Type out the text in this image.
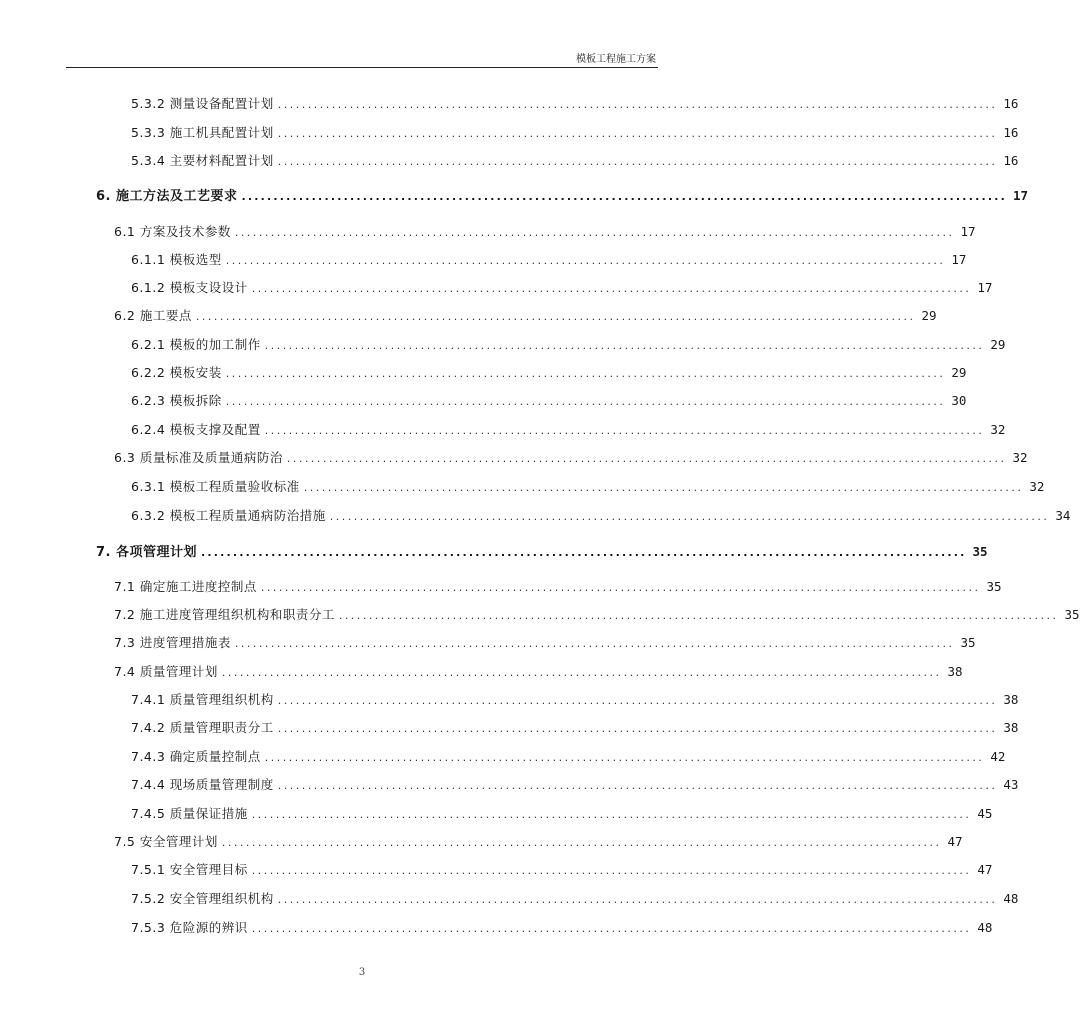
模板工程施工方案
5.3.2 测量设备配置计划 ........................................................................................................................ 16
5.3.3 施工机具配置计划 ........................................................................................................................ 16
5.3.4 主要材料配置计划 ........................................................................................................................ 16
6. 施工方法及工艺要求 ........................................................................................................................ 17
6.1 方案及技术参数 ........................................................................................................................ 17
6.1.1 模板选型 ........................................................................................................................ 17
6.1.2 模板支设设计 ........................................................................................................................ 17
6.2 施工要点 ........................................................................................................................ 29
6.2.1 模板的加工制作 ........................................................................................................................ 29
6.2.2 模板安装 ........................................................................................................................ 29
6.2.3 模板拆除 ........................................................................................................................ 30
6.2.4 模板支撑及配置 ........................................................................................................................ 32
6.3 质量标准及质量通病防治 ........................................................................................................................ 32
6.3.1 模板工程质量验收标准 ........................................................................................................................ 32
6.3.2 模板工程质量通病防治措施 ........................................................................................................................ 34
7. 各项管理计划 ........................................................................................................................ 35
7.1 确定施工进度控制点 ........................................................................................................................ 35
7.2 施工进度管理组织机构和职责分工 ........................................................................................................................ 35
7.3 进度管理措施表 ........................................................................................................................ 35
7.4 质量管理计划 ........................................................................................................................ 38
7.4.1 质量管理组织机构 ........................................................................................................................ 38
7.4.2 质量管理职责分工 ........................................................................................................................ 38
7.4.3 确定质量控制点 ........................................................................................................................ 42
7.4.4 现场质量管理制度 ........................................................................................................................ 43
7.4.5 质量保证措施 ........................................................................................................................ 45
7.5 安全管理计划 ........................................................................................................................ 47
7.5.1 安全管理目标 ........................................................................................................................ 47
7.5.2 安全管理组织机构 ........................................................................................................................ 48
7.5.3 危险源的辨识 ........................................................................................................................ 48
3
